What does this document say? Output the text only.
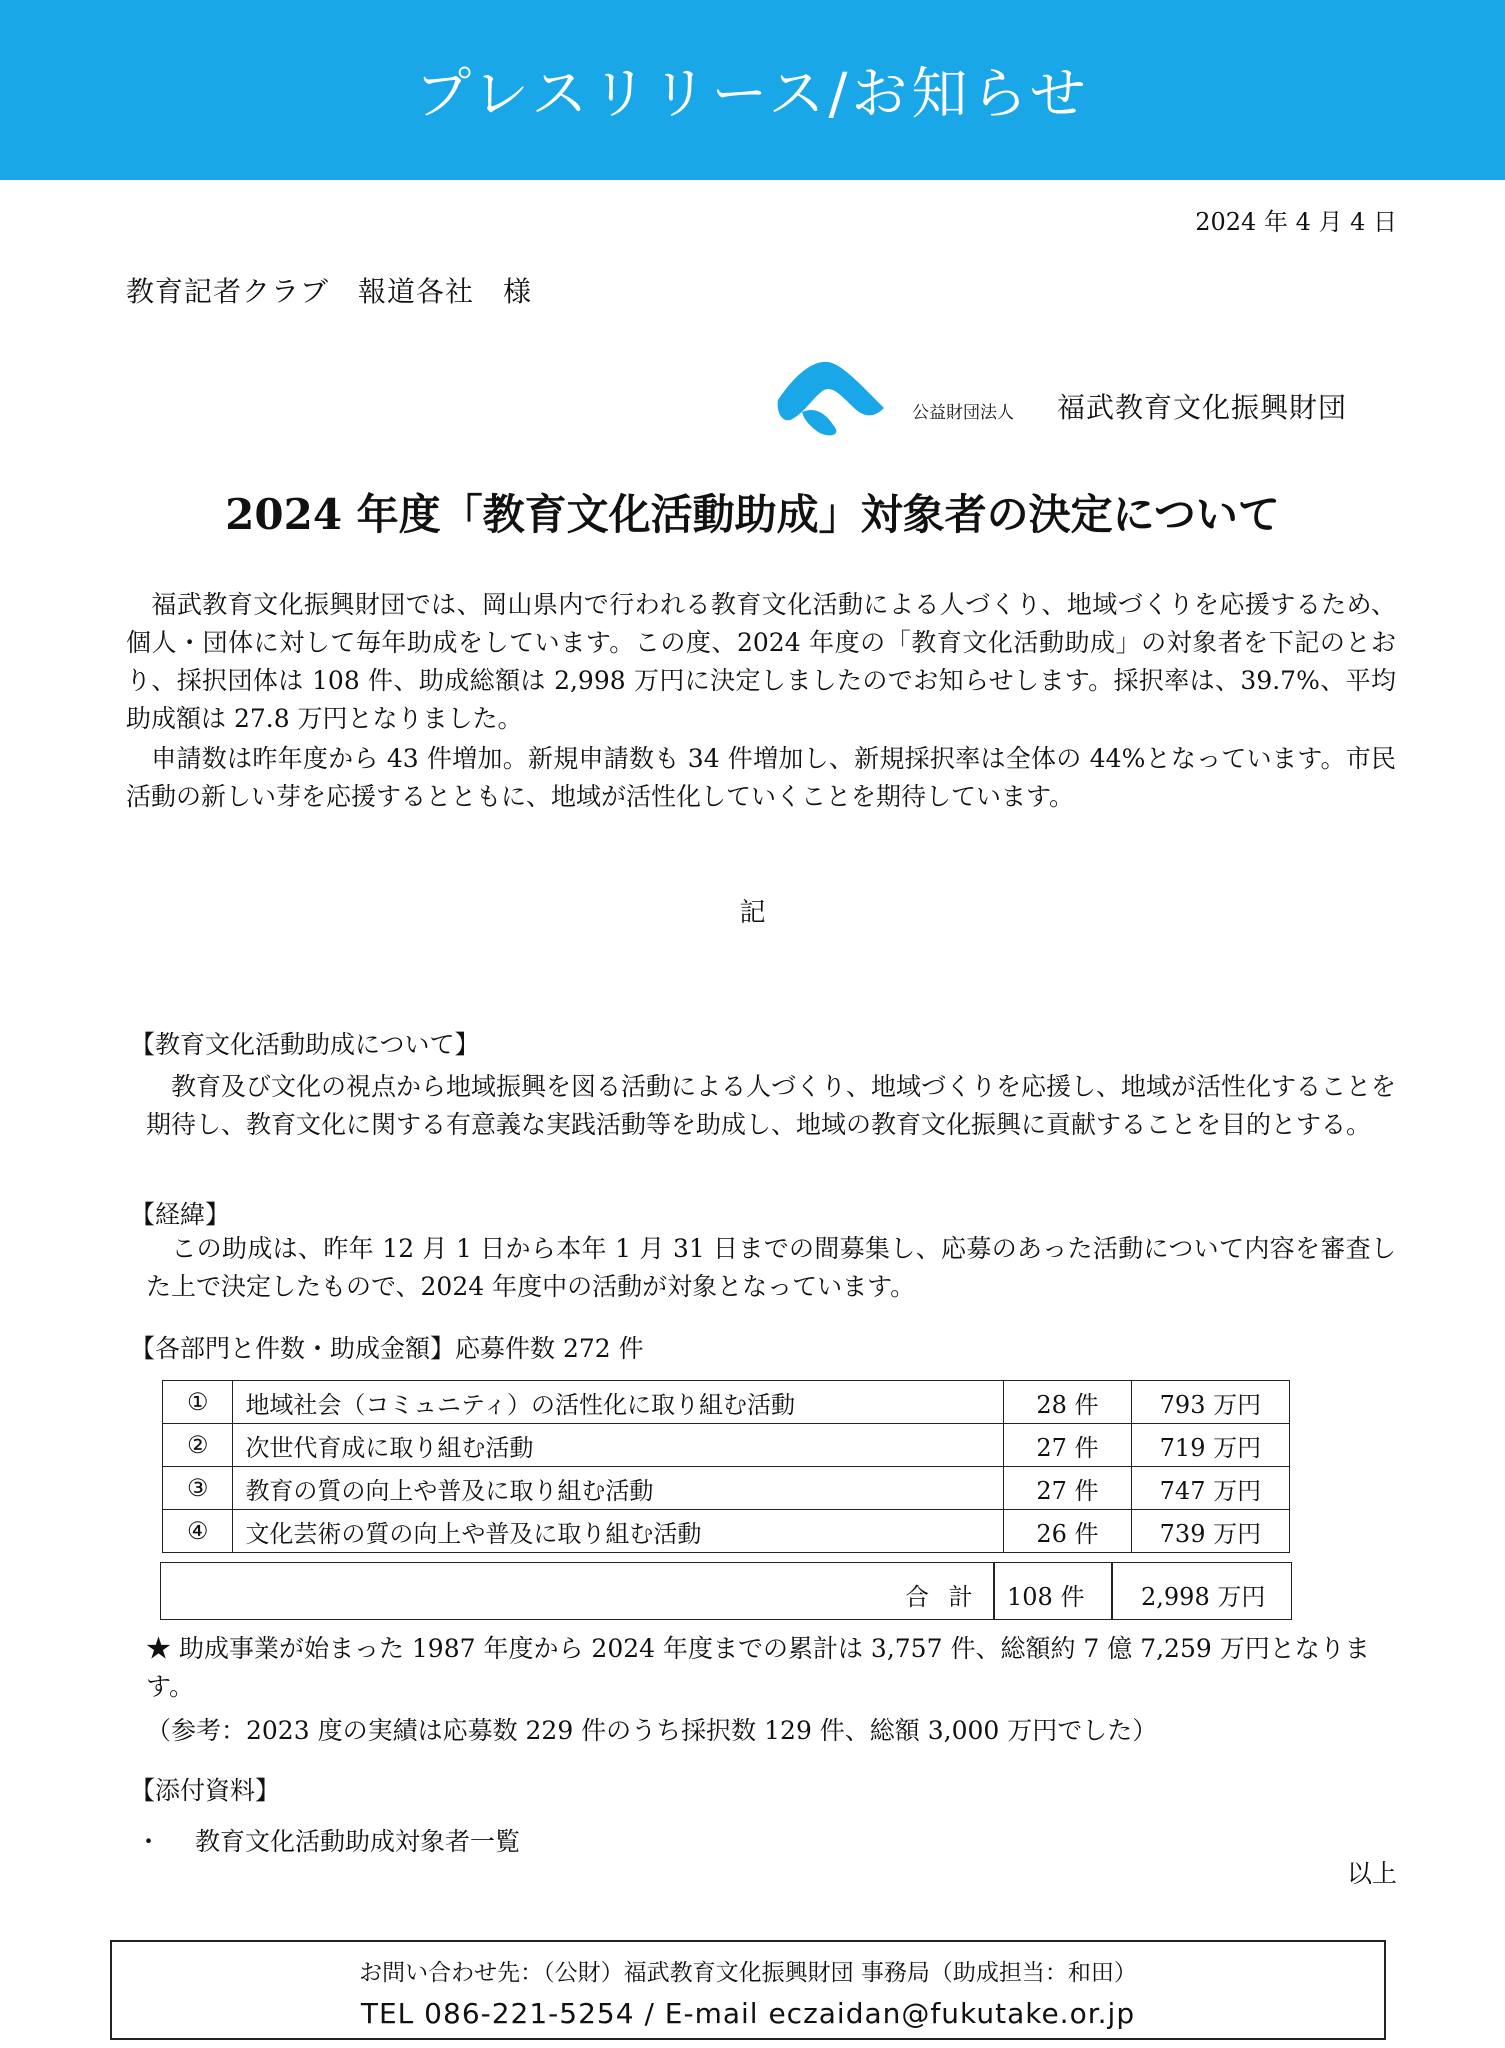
プレスリリース/お知らせ
2024 年 4 月 4 日
教育記者クラブ　報道各社　様
公益財団法人 福武教育文化振興財団
2024 年度「教育文化活動助成」対象者の決定について

　福武教育文化振興財団では、岡山県内で行われる教育文化活動による人づくり、地域づくりを応援するため、個人・団体に対して毎年助成をしています。この度、2024 年度の「教育文化活動助成」の対象者を下記のとおり、採択団体は 108 件、助成総額は 2,998 万円に決定しましたのでお知らせします。採択率は、39.7%、平均助成額は 27.8 万円となりました。

　申請数は昨年度から 43 件増加。新規申請数も 34 件増加し、新規採択率は全体の 44%となっています。市民活動の新しい芽を応援するとともに、地域が活性化していくことを期待しています。

記
【教育文化活動助成について】

　教育及び文化の視点から地域振興を図る活動による人づくり、地域づくりを応援し、地域が活性化することを期待し、教育文化に関する有意義な実践活動等を助成し、地域の教育文化振興に貢献することを目的とする。

【経緯】

　この助成は、昨年 12 月 1 日から本年 1 月 31 日までの間募集し、応募のあった活動について内容を審査した上で決定したもので、2024 年度中の活動が対象となっています。

【各部門と件数・助成金額】応募件数 272 件
①	地域社会（コミュニティ）の活性化に取り組む活動	28 件	793 万円
②	次世代育成に取り組む活動	27 件	719 万円
③	教育の質の向上や普及に取り組む活動	27 件	747 万円
④	文化芸術の質の向上や普及に取り組む活動	26 件	739 万円
合 計 108 件 2,998 万円

★ 助成事業が始まった 1987 年度から 2024 年度までの累計は 3,757 件、総額約 7 億 7,259 万円となります。

（参考：2023 度の実績は応募数 229 件のうち採択数 129 件、総額 3,000 万円でした）

【添付資料】
・ 教育文化活動助成対象者一覧
以上
お問い合わせ先：（公財）福武教育文化振興財団 事務局（助成担当：和田）
TEL 086-221-5254 / E-mail eczaidan@fukutake.or.jp
